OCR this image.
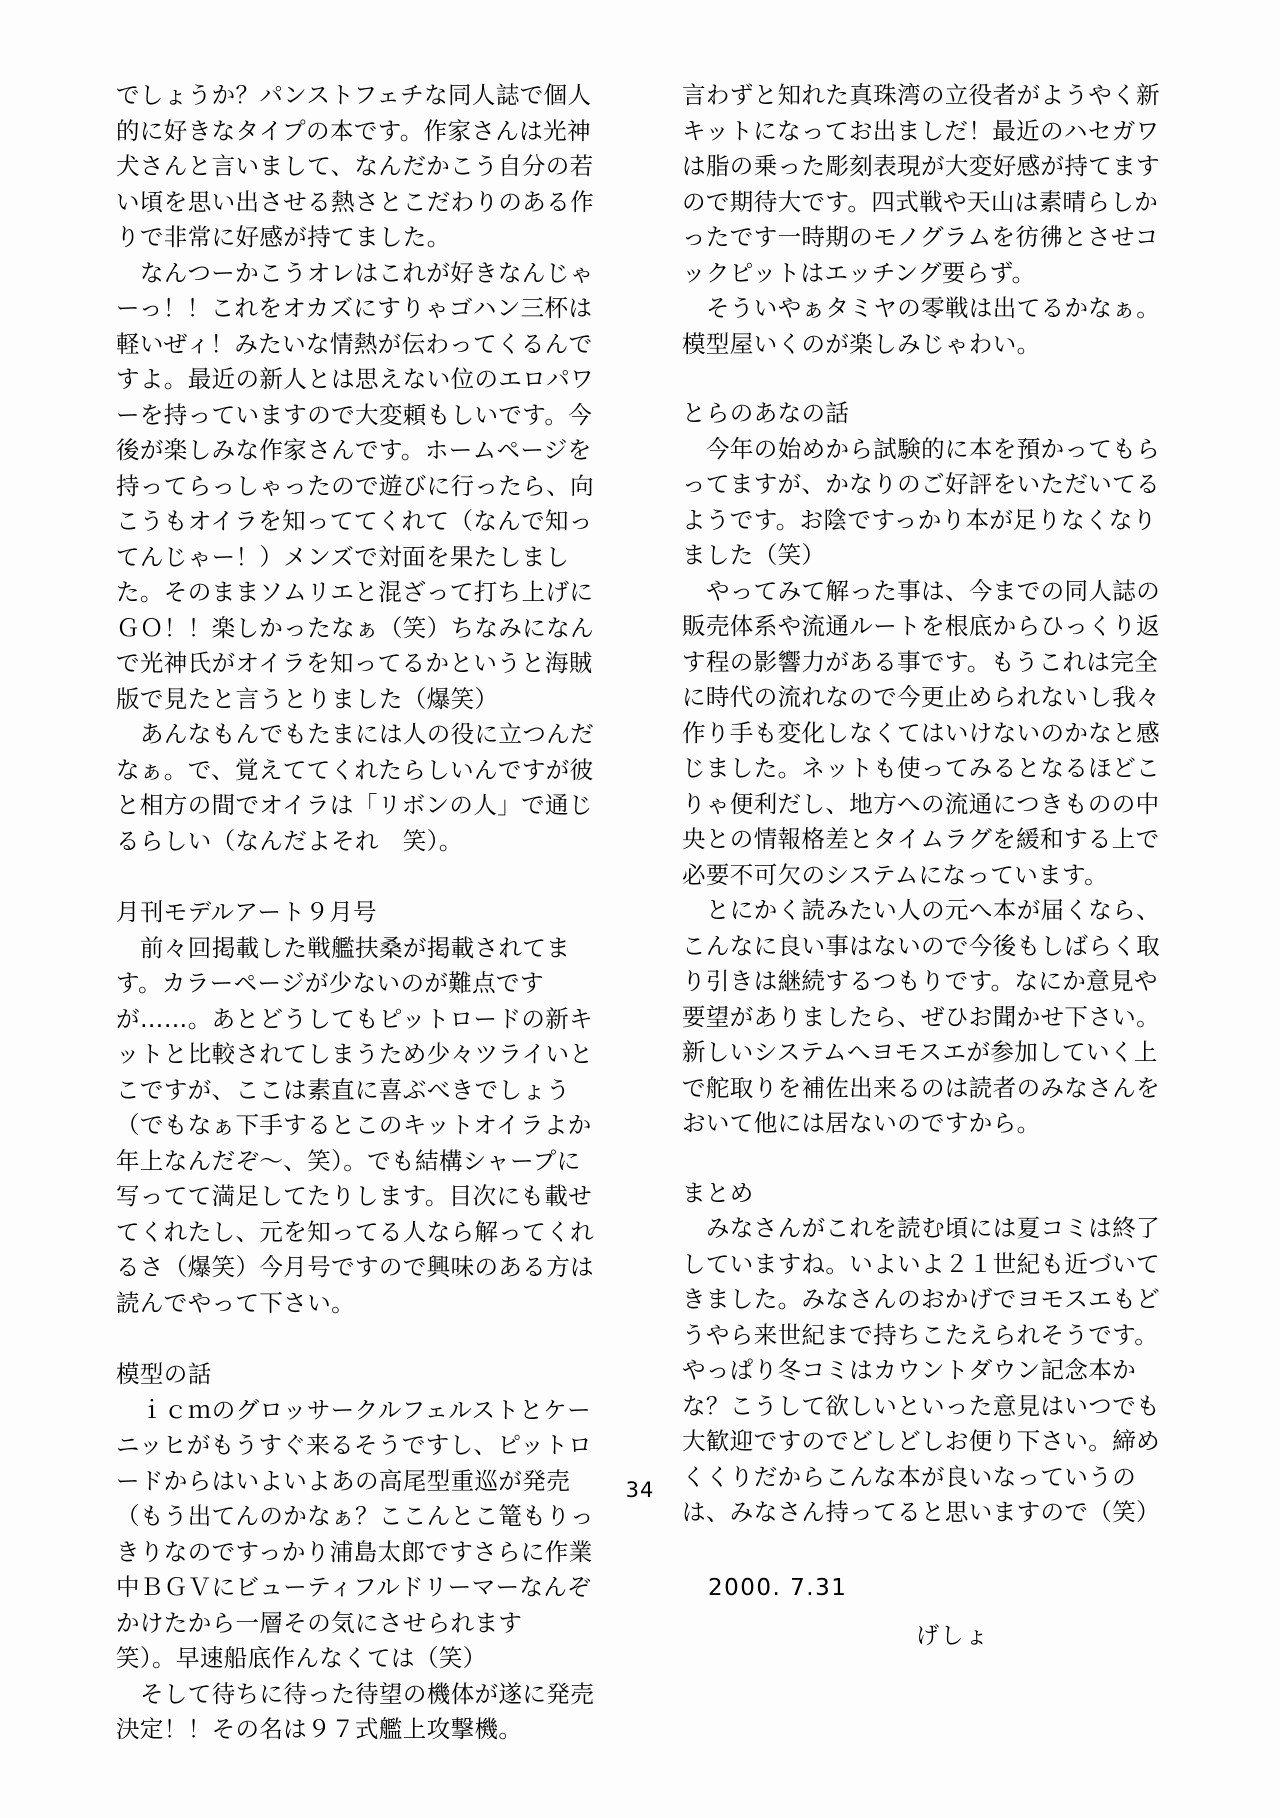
でしょうか？パンストフェチな同人誌で個人的に好きなタイプの本です。作家さんは光神犬さんと言いまして、なんだかこう自分の若い頃を思い出させる熱さとこだわりのある作りで非常に好感が持てました。

なんつーかこうオレはこれが好きなんじゃーっ！！これをオカズにすりゃゴハン三杯は軽いぜィ！みたいな情熱が伝わってくるんですよ。最近の新人とは思えない位のエロパワーを持っていますので大変頼もしいです。今後が楽しみな作家さんです。ホームページを持ってらっしゃったので遊びに行ったら、向こうもオイラを知っててくれて（なんで知ってんじゃー！）メンズで対面を果たしました。そのままソムリエと混ざって打ち上げにＧＯ！！楽しかったなぁ（笑）ちなみになんで光神氏がオイラを知ってるかというと海賊版で見たと言うとりました（爆笑）

あんなもんでもたまには人の役に立つんだなぁ。で、覚えててくれたらしいんですが彼と相方の間でオイラは「リボンの人」で通じるらしい（なんだよそれ　笑）。

月刊モデルアート９月号

前々回掲載した戦艦扶桑が掲載されてます。カラーページが少ないのが難点ですが……。あとどうしてもピットロードの新キットと比較されてしまうため少々ツライいとこですが、ここは素直に喜ぶべきでしょう（でもなぁ下手するとこのキットオイラよか年上なんだぞ～、笑）。でも結構シャープに写ってて満足してたりします。目次にも載せてくれたし、元を知ってる人なら解ってくれるさ（爆笑）今月号ですので興味のある方は読んでやって下さい。

模型の話

ｉｃｍのグロッサークルフェルストとケーニッヒがもうすぐ来るそうですし、ピットロードからはいよいよあの高尾型重巡が発売（もう出てんのかなぁ？ここんとこ篭もりっきりなのですっかり浦島太郎ですさらに作業中ＢＧＶにビューティフルドリーマーなんぞかけたから一層その気にさせられます　笑）。早速船底作んなくては（笑）

そして待ちに待った待望の機体が遂に発売決定！！その名は９７式艦上攻撃機。

言わずと知れた真珠湾の立役者がようやく新キットになってお出ましだ！最近のハセガワは脂の乗った彫刻表現が大変好感が持てますので期待大です。四式戦や天山は素晴らしかったです一時期のモノグラムを彷彿とさせコックピットはエッチング要らず。

そういやぁタミヤの零戦は出てるかなぁ。模型屋いくのが楽しみじゃわい。

とらのあなの話

今年の始めから試験的に本を預かってもらってますが、かなりのご好評をいただいてるようです。お陰ですっかり本が足りなくなりました（笑）

やってみて解った事は、今までの同人誌の販売体系や流通ルートを根底からひっくり返す程の影響力がある事です。もうこれは完全に時代の流れなので今更止められないし我々作り手も変化しなくてはいけないのかなと感じました。ネットも使ってみるとなるほどこりゃ便利だし、地方への流通につきものの中央との情報格差とタイムラグを緩和する上で必要不可欠のシステムになっています。

とにかく読みたい人の元へ本が届くなら、こんなに良い事はないので今後もしばらく取り引きは継続するつもりです。なにか意見や要望がありましたら、ぜひお聞かせ下さい。新しいシステムへヨモスエが参加していく上で舵取りを補佐出来るのは読者のみなさんをおいて他には居ないのですから。

まとめ

みなさんがこれを読む頃には夏コミは終了していますね。いよいよ２１世紀も近づいてきました。みなさんのおかげでヨモスエもどうやら来世紀まで持ちこたえられそうです。やっぱり冬コミはカウントダウン記念本かな？こうして欲しいといった意見はいつでも大歓迎ですのでどしどしお便り下さい。締めくくりだからこんな本が良いなっていうのは、みなさん持ってると思いますので（笑）

2000. 7.31
げしょ
34
